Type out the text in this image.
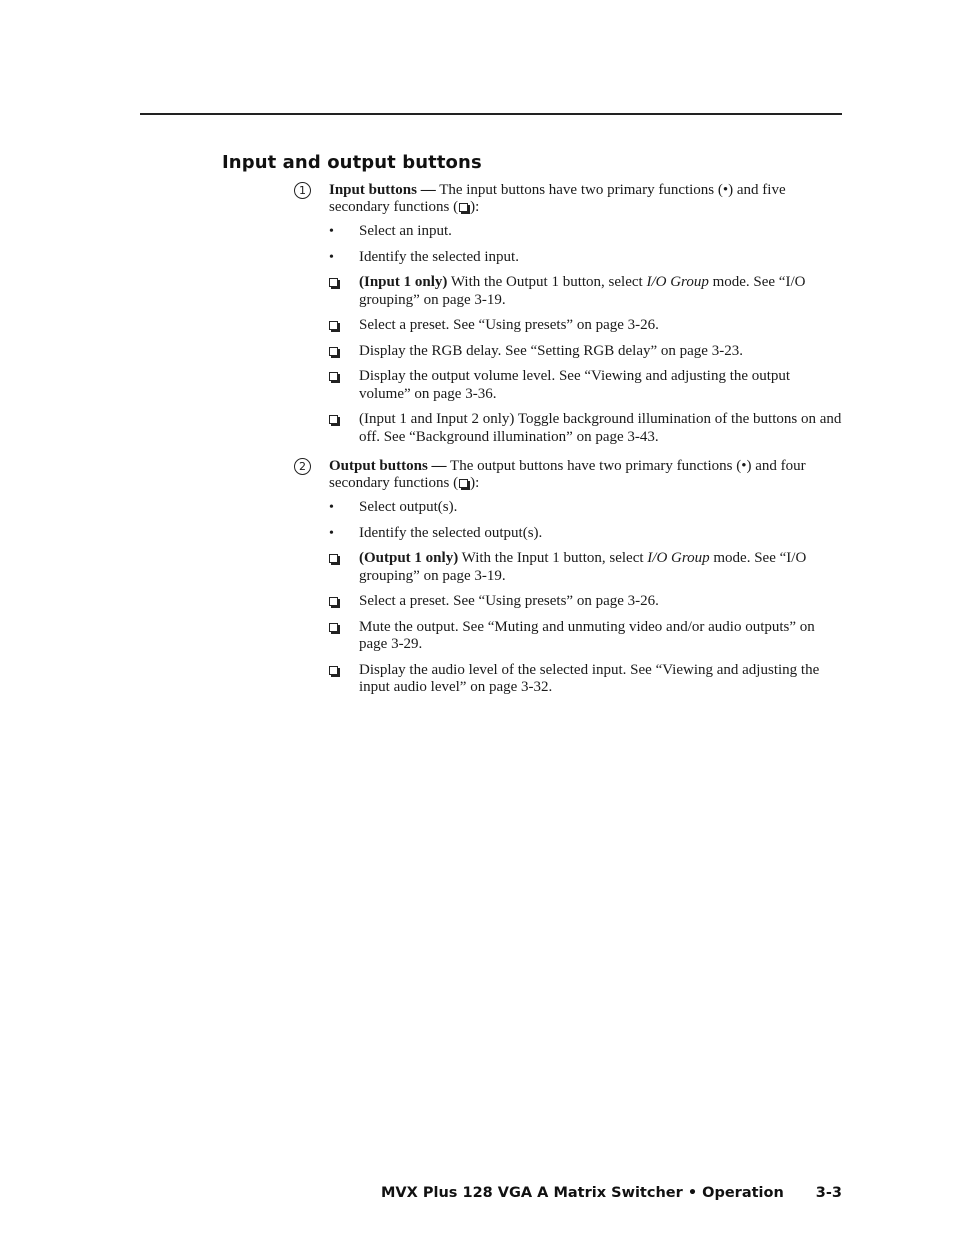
Input and output buttons
1	Input buttons — The input buttons have two primary functions (•) and five secondary functions ( ):
•	Select an input.
•	Identify the selected input.
(Input 1 only) With the Output 1 button, select I/O Group mode. See “I/O grouping” on page 3-19.
Select a preset. See “Using presets” on page 3-26.
Display the RGB delay. See “Setting RGB delay” on page 3-23.
Display the output volume level. See “Viewing and adjusting the output volume” on page 3-36.
(Input 1 and Input 2 only) Toggle background illumination of the buttons on and off. See “Background illumination” on page 3-43.
2	Output buttons — The output buttons have two primary functions (•) and four secondary functions ( ):
•	Select output(s).
•	Identify the selected output(s).
(Output 1 only) With the Input 1 button, select I/O Group mode. See “I/O grouping” on page 3-19.
Select a preset. See “Using presets” on page 3-26.
Mute the output. See “Muting and unmuting video and/or audio outputs” on page 3-29.
Display the audio level of the selected input. See “Viewing and adjusting the input audio level” on page 3-32.
MVX Plus 128 VGA A Matrix Switcher • Operation 3-3
